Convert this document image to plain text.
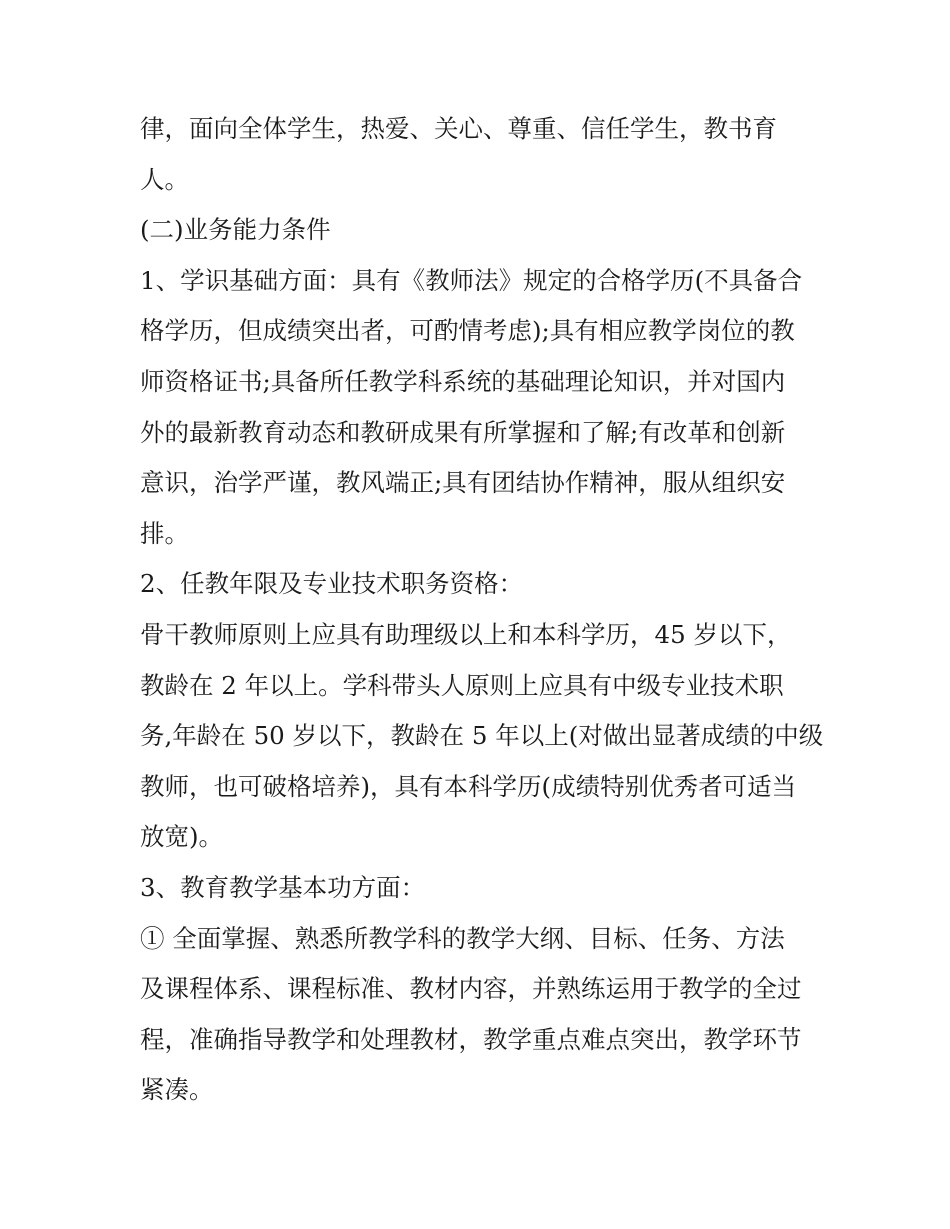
律，面向全体学生，热爱、关心、尊重、信任学生，教书育
人。
(二)业务能力条件
1、学识基础方面：具有《教师法》规定的合格学历(不具备合
格学历，但成绩突出者，可酌情考虑);具有相应教学岗位的教
师资格证书;具备所任教学科系统的基础理论知识，并对国内
外的最新教育动态和教研成果有所掌握和了解;有改革和创新
意识，治学严谨，教风端正;具有团结协作精神，服从组织安
排。
2、任教年限及专业技术职务资格：
骨干教师原则上应具有助理级以上和本科学历，45 岁以下，
教龄在 2 年以上。学科带头人原则上应具有中级专业技术职
务,年龄在 50 岁以下，教龄在 5 年以上(对做出显著成绩的中级
教师，也可破格培养)，具有本科学历(成绩特别优秀者可适当
放宽)。
3、教育教学基本功方面：
① 全面掌握、熟悉所教学科的教学大纲、目标、任务、方法
及课程体系、课程标准、教材内容，并熟练运用于教学的全过
程，准确指导教学和处理教材，教学重点难点突出，教学环节
紧凑。
